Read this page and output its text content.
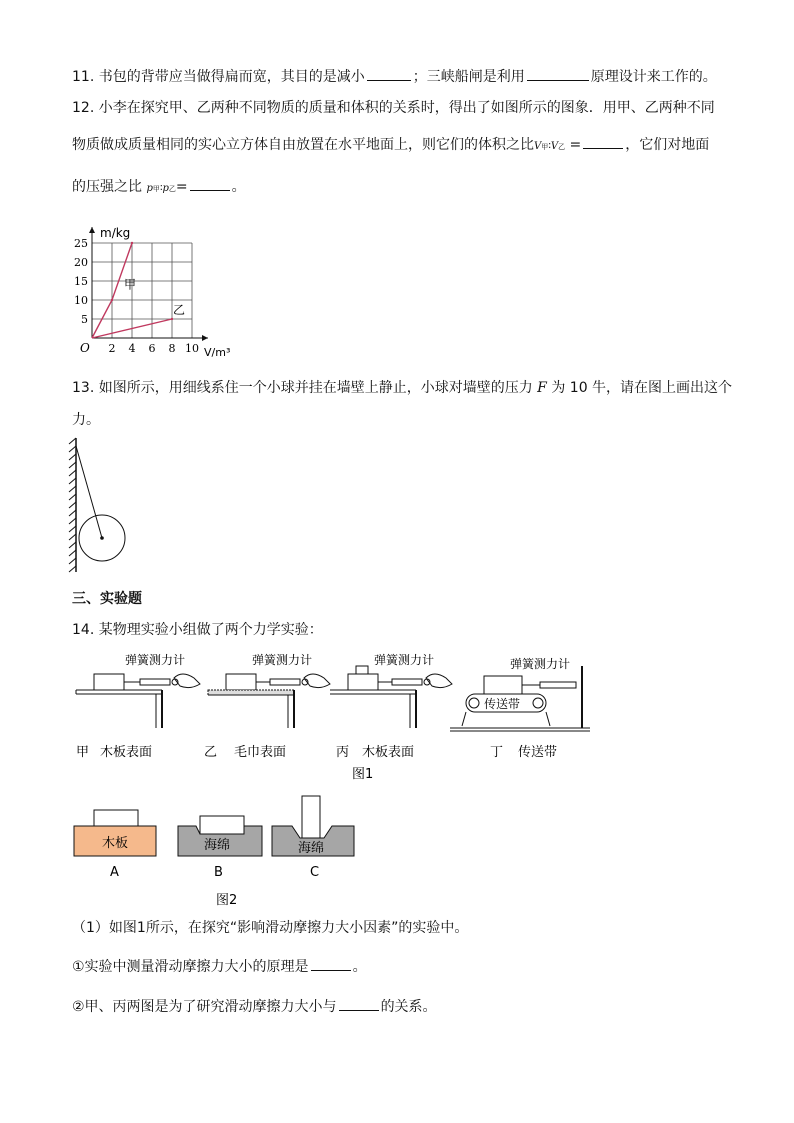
11. 书包的背带应当做得扁而宽，其目的是减小	；三峡船闸是利用	原理设计来工作的。
12. 小李在探究甲、乙两种不同物质的质量和体积的关系时，得出了如图所示的图象．用甲、乙两种不同
物质做成质量相同的实心立方体自由放置在水平地面上，则它们的体积之比V甲∶V乙 =	，它们对地面
的压强之比 p甲∶p乙=	。
甲
乙
2 4 6 8 10
5
10
15
20
25
O
m/kg
V/m³
13. 如图所示，用细线系住一个小球并挂在墙壁上静止，小球对墙壁的压力 F 为 10 牛，请在图上画出这个
力。
三、实验题
14. 某物理实验小组做了两个力学实验：
弹簧测力计
甲 木板表面
弹簧测力计
乙 毛巾表面
弹簧测力计
丙 木板表面
弹簧测力计
传送带
丁 传送带
图1
木板
A
海绵
B
海绵
C
图2
（1）如图1所示，在探究“影响滑动摩擦力大小因素”的实验中。
①实验中测量滑动摩擦力大小的原理是	。
②甲、丙两图是为了研究滑动摩擦力大小与	的关系。
